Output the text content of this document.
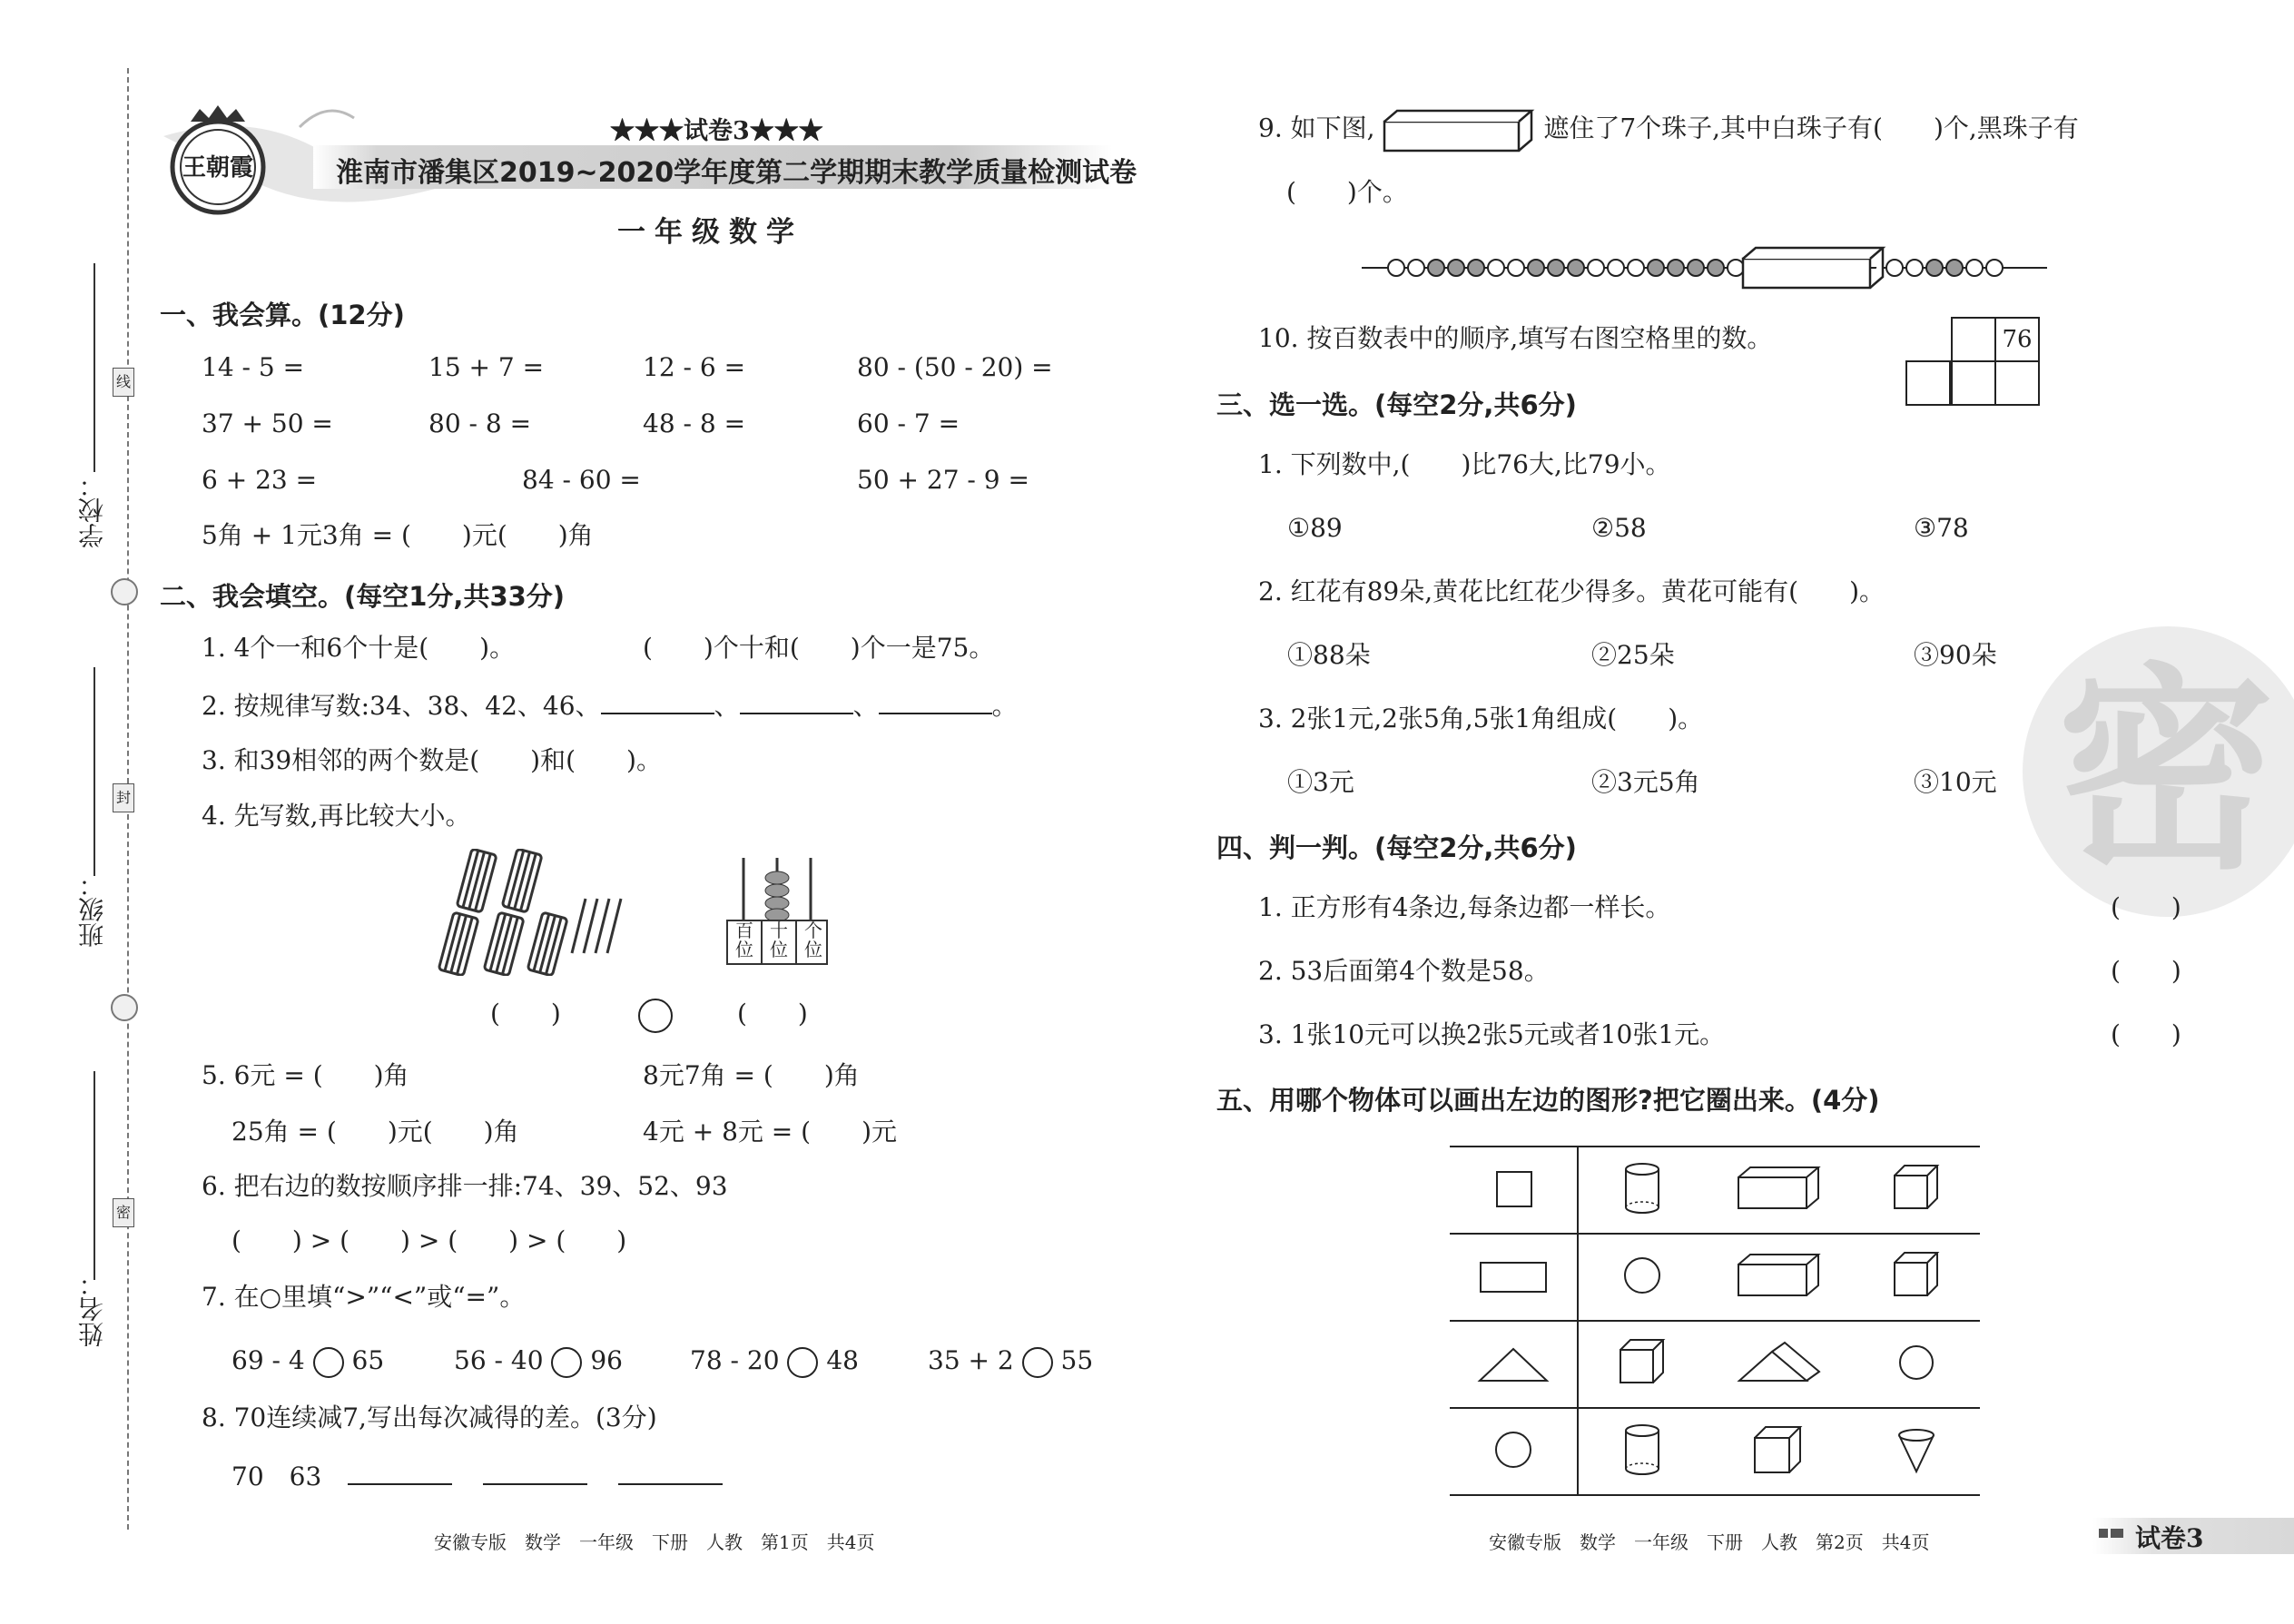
学校：
班级：
姓名：
线
封
密
王朝霞
★★★试卷3★★★
淮南市潘集区2019~2020学年度第二学期期末教学质量检测试卷
一年级数学
一、我会算。(12分)
14 - 5 =	15 + 7 =	12 - 6 =	80 - (50 - 20) =
37 + 50 =	80 - 8 =	48 - 8 =	60 - 7 =
6 + 23 =	84 - 60 =	50 + 27 - 9 =
5角 + 1元3角 = (　　)元(　　)角
二、我会填空。(每空1分,共33分)
1. 4个一和6个十是(　　)。	(　　)个十和(　　)个一是75。
2. 按规律写数:34、38、42、46、	、	、	。
3. 和39相邻的两个数是(　　)和(　　)。
4. 先写数,再比较大小。
百位
十位
个位
(　　)	(　　)
5. 6元 = (　　)角	8元7角 = (　　)角
25角 = (　　)元(　　)角	4元 + 8元 = (　　)元
6. 把右边的数按顺序排一排:74、39、52、93
(　　) > (　　) > (　　) > (　　)
7. 在○里填“>”“<”或“=”。
69 - 4 65	56 - 40 96	78 - 20 48	35 + 2 55
8. 70连续减7,写出每次减得的差。(3分)
70　63
安徽专版　数学　一年级　下册　人教　第1页　共4页
密
9. 如下图,	遮住了7个珠子,其中白珠子有(　　)个,黑珠子有
(　　)个。
10. 按百数表中的顺序,填写右图空格里的数。	76
三、选一选。(每空2分,共6分)
1. 下列数中,(　　)比76大,比79小。
①89	②58	③78
2. 红花有89朵,黄花比红花少得多。黄花可能有(　　)。
①88朵	②25朵	③90朵
3. 2张1元,2张5角,5张1角组成(　　)。
①3元	②3元5角	③10元
四、判一判。(每空2分,共6分)
1. 正方形有4条边,每条边都一样长。	(　　)
2. 53后面第4个数是58。	(　　)
3. 1张10元可以换2张5元或者10张1元。	(　　)
五、用哪个物体可以画出左边的图形?把它圈出来。(4分)

安徽专版　数学　一年级　下册　人教　第2页　共4页	试卷3
